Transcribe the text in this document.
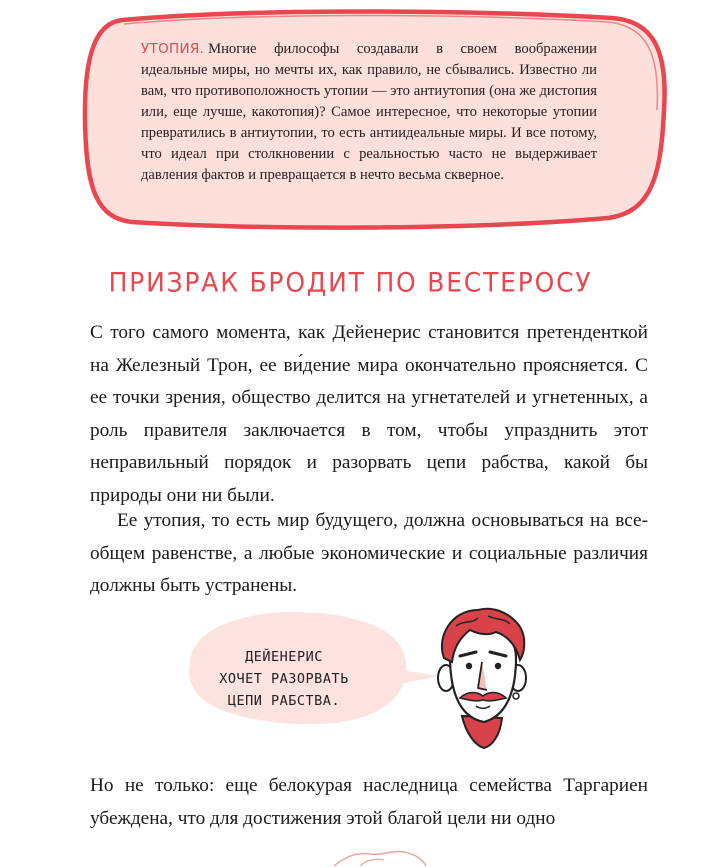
УТОПИЯ. Многие философы создавали в своем воображении идеальные миры, но мечты их, как правило, не сбывались. Известно ли вам, что противоположность утопии — это антиутопия (она же дистопия или, еще лучше, какотопия)? Самое интересное, что некоторые утопии превратились в антиутопии, то есть антиидеальные миры. И все потому, что идеал при столкновении с реальностью часто не выдерживает давления фактов и превращается в нечто весьма скверное.
ПРИЗРАК БРОДИТ ПО ВЕСТЕРОСУ

С того самого момента, как Дейенерис становится претенденткой на Железный Трон, ее ви́дение мира окончательно проясняется. С ее точки зрения, общество делится на угнетателей и угнетенных, а роль правителя заключается в том, чтобы упразднить этот неправильный порядок и разорвать цепи рабства, какой бы природы они ни были.

Ее утопия, то есть мир будущего, должна основываться на всеобщем равенстве, а любые экономические и социальные различия должны быть устранены.

ДЕЙЕНЕРИС
ХОЧЕТ РАЗОРВАТЬ
ЦЕПИ РАБСТВА.

Но не только: еще белокурая наследница семейства Таргариен убеждена, что для достижения этой благой цели ни одно
